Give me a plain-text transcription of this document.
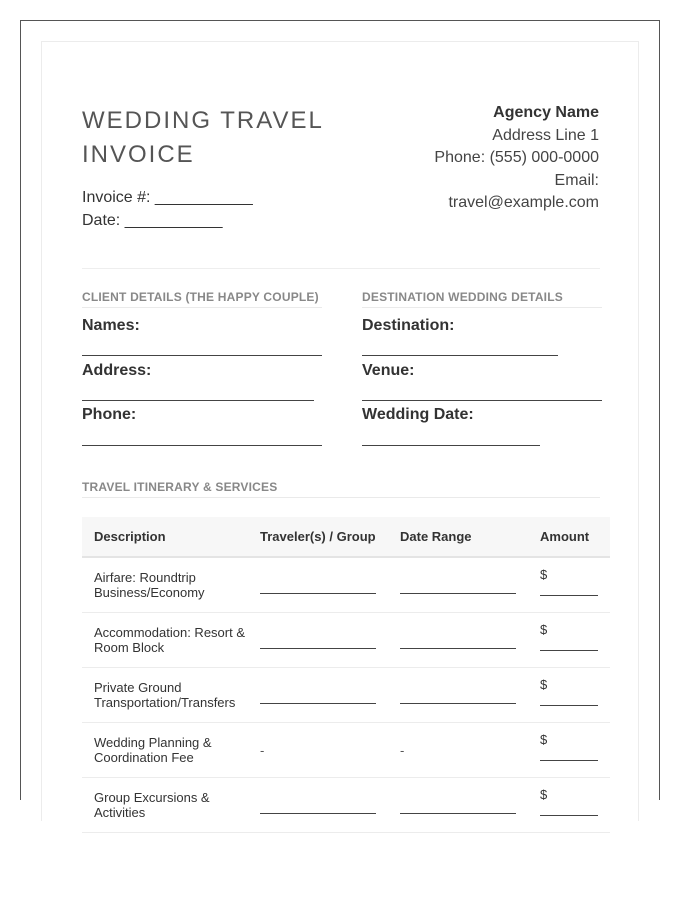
WEDDING TRAVEL
INVOICE
Invoice #: ___________
Date: ___________
Agency Name
Address Line 1
Phone: (555) 000-0000
Email:
travel@example.com
CLIENT DETAILS (THE HAPPY COUPLE)
Names:
Address:
Phone:
DESTINATION WEDDING DETAILS
Destination:
Venue:
Wedding Date:
TRAVEL ITINERARY & SERVICES
Description	Traveler(s) / Group	Date Range	Amount
Airfare: Roundtrip Business/Economy			$

Accommodation: Resort & Room Block			$

Private Ground Transportation/Transfers			$

Wedding Planning & Coordination Fee	-	-	$

Group Excursions & Activities			$
